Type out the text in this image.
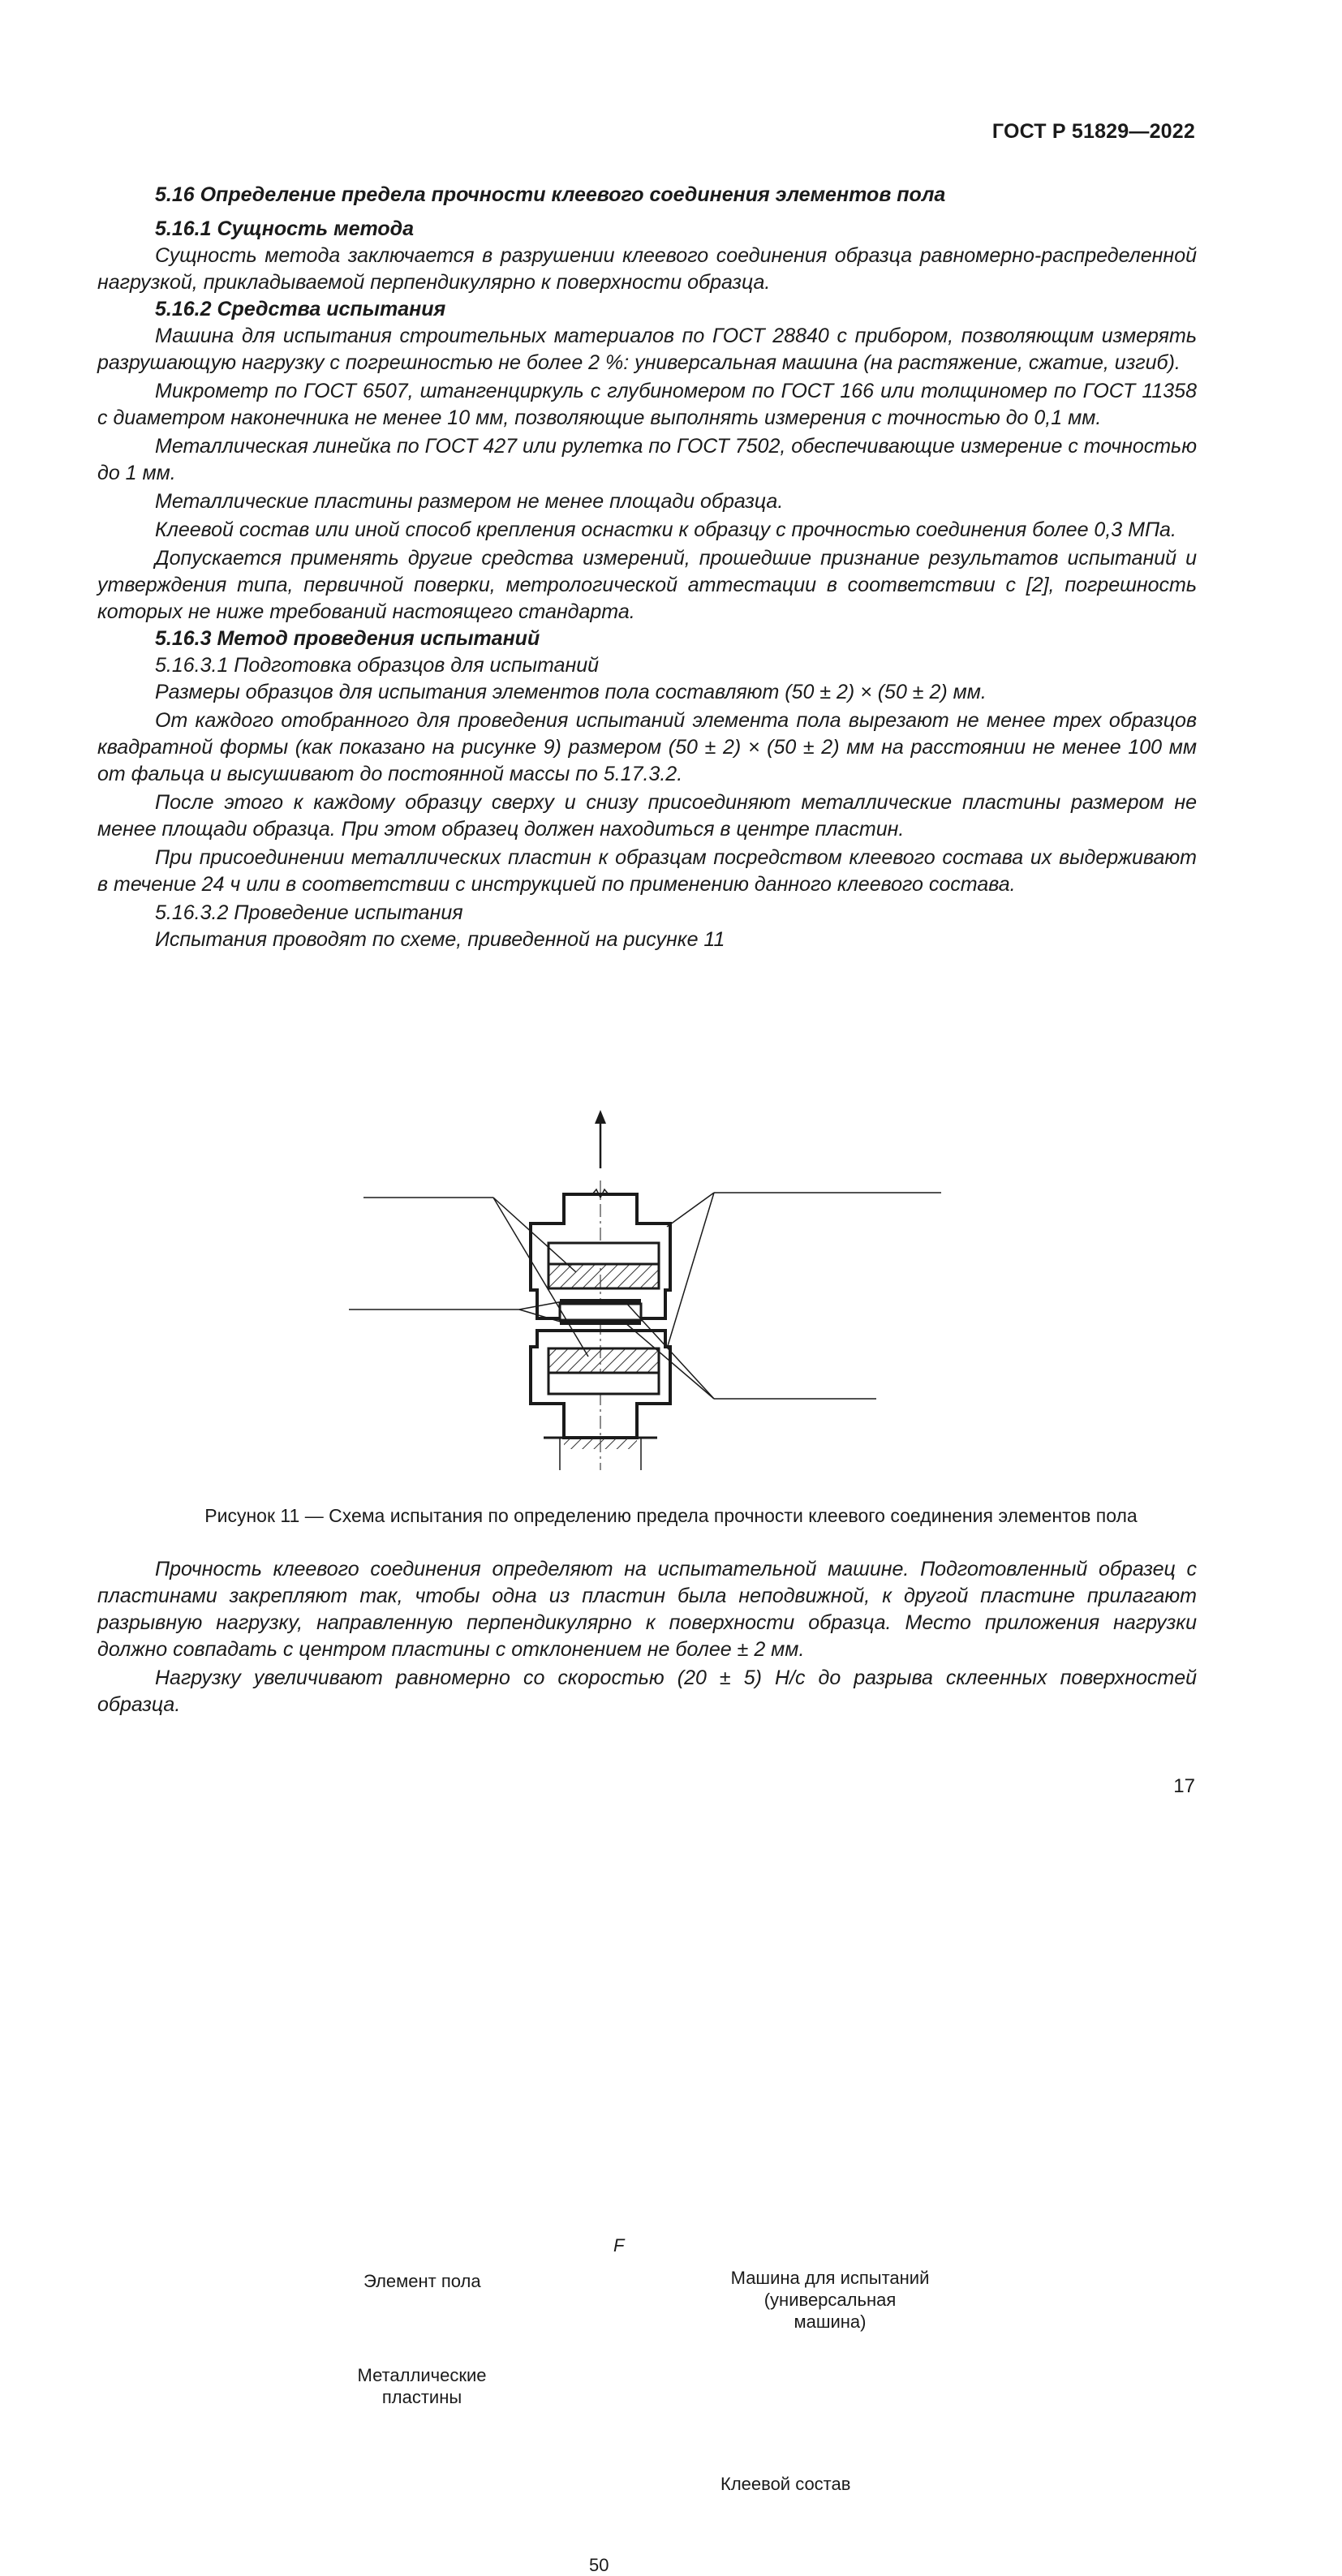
ГОСТ Р 51829—2022

5.16 Определение предела прочности клеевого соединения элементов пола

5.16.1 Сущность метода

Сущность метода заключается в разрушении клеевого соединения образца равномерно-распределенной нагрузкой, прикладываемой перпендикулярно к поверхности образца.

5.16.2 Средства испытания

Машина для испытания строительных материалов по ГОСТ 28840 с прибором, позволяющим измерять разрушающую нагрузку с погрешностью не более 2 %: универсальная машина (на растяжение, сжатие, изгиб).

Микрометр по ГОСТ 6507, штангенциркуль с глубиномером по ГОСТ 166 или толщиномер по ГОСТ 11358 с диаметром наконечника не менее 10 мм, позволяющие выполнять измерения с точностью до 0,1 мм.

Металлическая линейка по ГОСТ 427 или рулетка по ГОСТ 7502, обеспечивающие измерение с точностью до 1 мм.

Металлические пластины размером не менее площади образца.

Клеевой состав или иной способ крепления оснастки к образцу с прочностью соединения более 0,3 МПа.

Допускается применять другие средства измерений, прошедшие признание результатов испытаний и утверждения типа, первичной поверки, метрологической аттестации в соответствии с [2], погрешность которых не ниже требований настоящего стандарта.

5.16.3 Метод проведения испытаний

5.16.3.1 Подготовка образцов для испытаний

Размеры образцов для испытания элементов пола составляют (50 ± 2) × (50 ± 2) мм.

От каждого отобранного для проведения испытаний элемента пола вырезают не менее трех образцов квадратной формы (как показано на рисунке 9) размером (50 ± 2) × (50 ± 2) мм на расстоянии не менее 100 мм от фальца и высушивают до постоянной массы по 5.17.3.2.

После этого к каждому образцу сверху и снизу присоединяют металлические пластины размером не менее площади образца. При этом образец должен находиться в центре пластин.

При присоединении металлических пластин к образцам посредством клеевого состава их выдерживают в течение 24 ч или в соответствии с инструкцией по применению данного клеевого состава.

5.16.3.2 Проведение испытания

Испытания проводят по схеме, приведенной на рисунке 11

F
Элемент пола
Металлические
пластины
Машина для испытаний
(универсальная
машина)
Клеевой состав
50
Рисунок 11 — Схема испытания по определению предела прочности клеевого соединения элементов пола

Прочность клеевого соединения определяют на испытательной машине. Подготовленный образец с пластинами закрепляют так, чтобы одна из пластин была неподвижной, к другой пластине прилагают разрывную нагрузку, направленную перпендикулярно к поверхности образца. Место приложения нагрузки должно совпадать с центром пластины с отклонением не более ± 2 мм.

Нагрузку увеличивают равномерно со скоростью (20 ± 5) Н/с до разрыва склеенных поверхностей образца.

17
